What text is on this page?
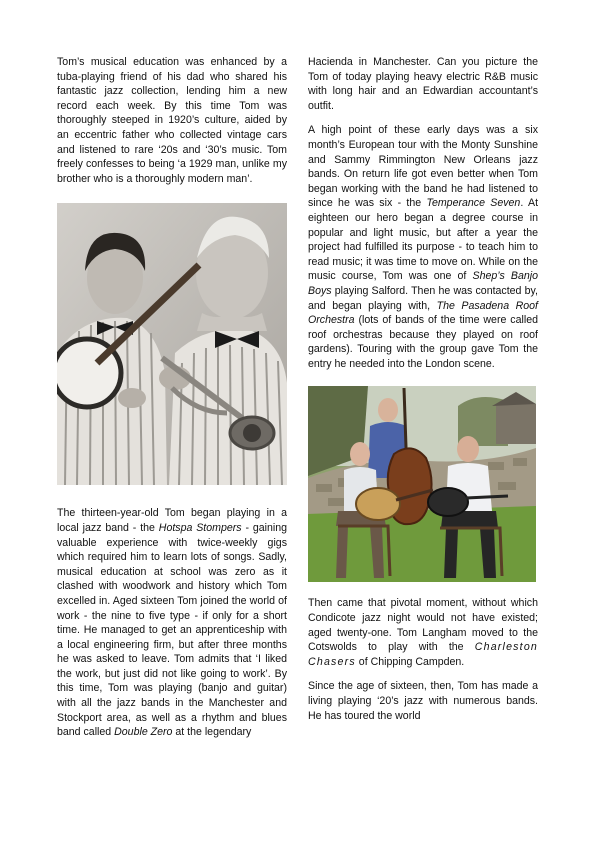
Tom’s musical education was enhanced by a tuba-playing friend of his dad who shared his fantastic jazz collection, lending him a new record each week. By this time Tom was thoroughly steeped in 1920’s culture, aided by an eccentric father who collected vintage cars and listened to rare ‘20s and ‘30’s music. Tom freely confesses to being ‘a 1929 man, unlike my brother who is a thoroughly modern man’.

The thirteen-year-old Tom began playing in a local jazz band - the Hotspa Stompers - gaining valuable experience with twice-weekly gigs which required him to learn lots of songs. Sadly, musical education at school was zero as it clashed with woodwork and history which Tom excelled in. Aged sixteen Tom joined the world of work - the nine to five type - if only for a short time. He managed to get an apprenticeship with a local engineering firm, but after three months he was asked to leave. Tom admits that ‘I liked the work, but just did not like going to work’. By this time, Tom was playing (banjo and guitar) with all the jazz bands in the Manchester and Stockport area, as well as a rhythm and blues band called Double Zero at the legendary

Hacienda in Manchester. Can you picture the Tom of today playing heavy electric R&B music with long hair and an Edwardian accountant’s outfit.

A high point of these early days was a six month’s European tour with the Monty Sunshine and Sammy Rimmington New Orleans jazz bands. On return life got even better when Tom began working with the band he had listened to since he was six - the Temperance Seven. At eighteen our hero began a degree course in popular and light music, but after a year the project had fulfilled its purpose - to teach him to read music; it was time to move on. While on the music course, Tom was one of Shep’s Banjo Boys playing Salford. Then he was contacted by, and began playing with, The Pasadena Roof Orchestra (lots of bands of the time were called roof orchestras because they played on roof gardens). Touring with the group gave Tom the entry he needed into the London scene.

Then came that pivotal moment, without which Condicote jazz night would not have existed; aged twenty-one. Tom Langham moved to the Cotswolds to play with the Charleston Chasers of Chipping Campden.

Since the age of sixteen, then, Tom has made a living playing ‘20’s jazz with numerous bands. He has toured the world
